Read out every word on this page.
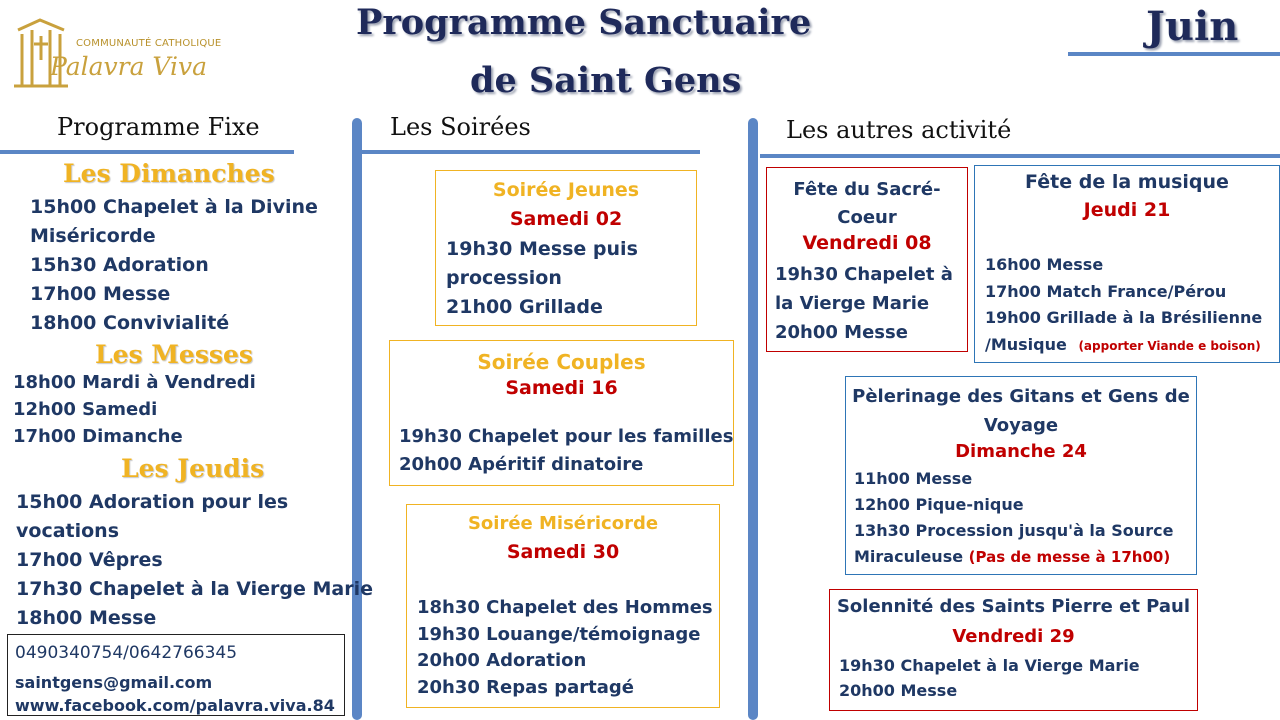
COMMUNAUTÉ CATHOLIQUE
Palavra Viva
Programme Sanctuaire
de Saint Gens
Juin
Programme Fixe
Les Dimanches
15h00 Chapelet à la Divine
Miséricorde
15h30 Adoration
17h00 Messe
18h00 Convivialité
Les Messes
18h00 Mardi à Vendredi
12h00 Samedi
17h00 Dimanche
Les Jeudis
15h00 Adoration pour les
vocations
17h00 Vêpres
17h30 Chapelet à la Vierge Marie
18h00 Messe
0490340754/0642766345
saintgens@gmail.com
www.facebook.com/palavra.viva.84
Les Soirées
Soirée Jeunes
Samedi 02
19h30 Messe puis
procession
21h00 Grillade
Soirée Couples
Samedi 16
19h30 Chapelet pour les familles
20h00 Apéritif dinatoire
Soirée Miséricorde
Samedi 30
18h30 Chapelet des Hommes
19h30 Louange/témoignage
20h00 Adoration
20h30 Repas partagé
Les autres activité
Fête du Sacré-
Coeur
Vendredi 08
19h30 Chapelet à
la Vierge Marie
20h00 Messe
Fête de la musique
Jeudi 21
16h00 Messe
17h00 Match France/Pérou
19h00 Grillade à la Brésilienne
/Musique (apporter Viande e boison)
Pèlerinage des Gitans et Gens de
Voyage
Dimanche 24
11h00 Messe
12h00 Pique-nique
13h30 Procession jusqu'à la Source
Miraculeuse (Pas de messe à 17h00)
Solennité des Saints Pierre et Paul
Vendredi 29
19h30 Chapelet à la Vierge Marie
20h00 Messe
